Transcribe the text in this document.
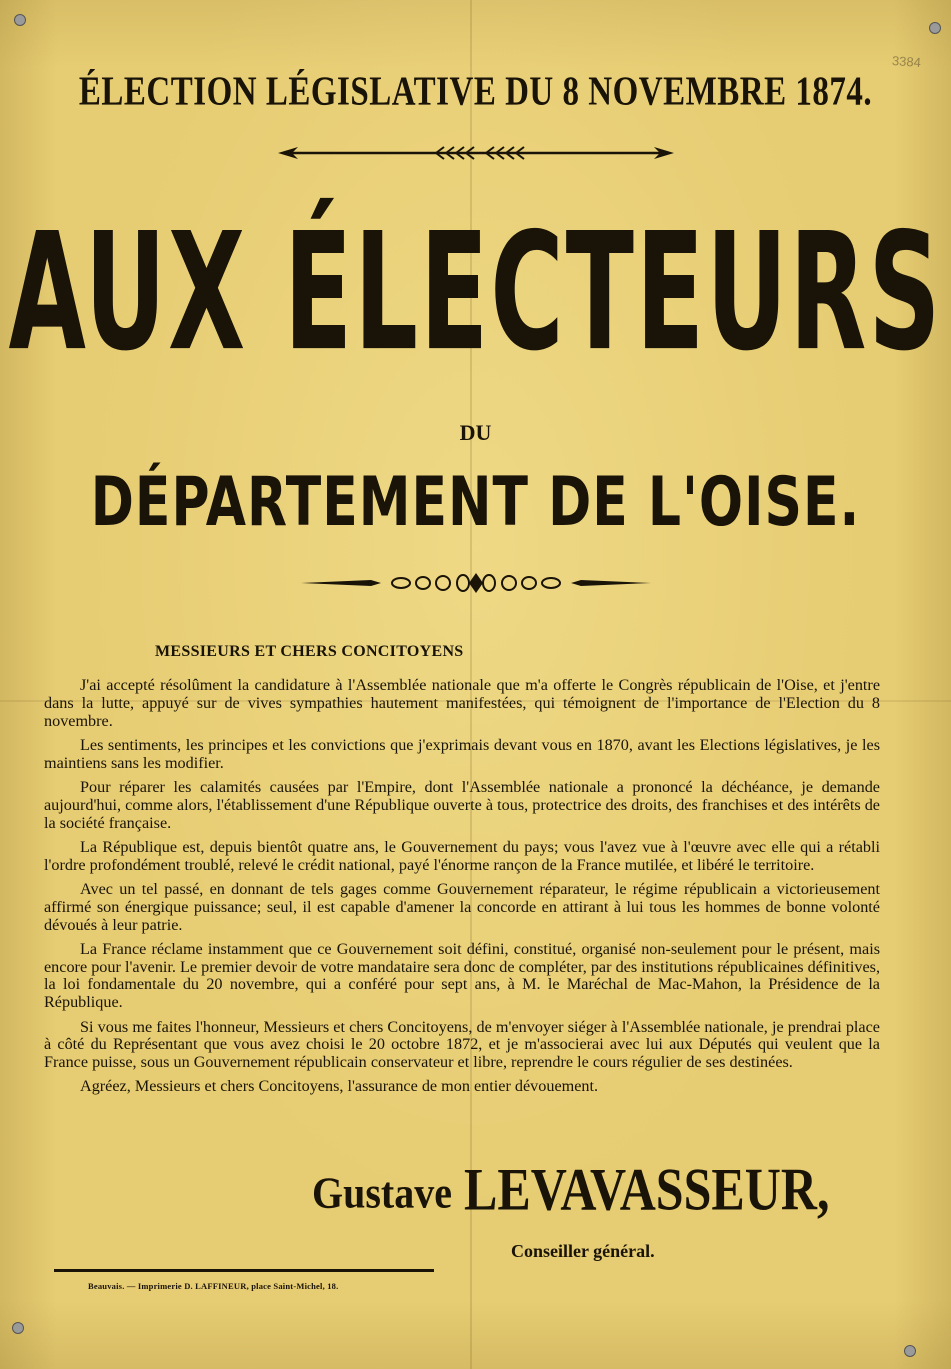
3384
ÉLECTION LÉGISLATIVE DU 8 NOVEMBRE 1874.
AUX ÉLECTEURS
DU
DÉPARTEMENT DE L'OISE.
MESSIEURS ET CHERS CONCITOYENS

J'ai accepté résolûment la candidature à l'Assemblée nationale que m'a offerte le Congrès républicain de l'Oise, et j'entre dans la lutte, appuyé sur de vives sympathies hautement manifestées, qui témoignent de l'importance de l'Election du 8 novembre.

Les sentiments, les principes et les convictions que j'exprimais devant vous en 1870, avant les Elections législatives, je les maintiens sans les modifier.

Pour réparer les calamités causées par l'Empire, dont l'Assemblée nationale a prononcé la déchéance, je demande aujourd'hui, comme alors, l'établissement d'une République ouverte à tous, protectrice des droits, des franchises et des intérêts de la société française.

La République est, depuis bientôt quatre ans, le Gouvernement du pays; vous l'avez vue à l'œuvre avec elle qui a rétabli l'ordre profondément troublé, relevé le crédit national, payé l'énorme rançon de la France mutilée, et libéré le territoire.

Avec un tel passé, en donnant de tels gages comme Gouvernement réparateur, le régime républicain a victorieusement affirmé son énergique puissance; seul, il est capable d'amener la concorde en attirant à lui tous les hommes de bonne volonté dévoués à leur patrie.

La France réclame instamment que ce Gouvernement soit défini, constitué, organisé non-seulement pour le présent, mais encore pour l'avenir. Le premier devoir de votre mandataire sera donc de compléter, par des institutions républicaines définitives, la loi fondamentale du 20 novembre, qui a conféré pour sept ans, à M. le Maréchal de Mac-Mahon, la Présidence de la République.

Si vous me faites l'honneur, Messieurs et chers Concitoyens, de m'envoyer siéger à l'Assemblée nationale, je prendrai place à côté du Représentant que vous avez choisi le 20 octobre 1872, et je m'associerai avec lui aux Députés qui veulent que la France puisse, sous un Gouvernement républicain conservateur et libre, reprendre le cours régulier de ses destinées.

Agréez, Messieurs et chers Concitoyens, l'assurance de mon entier dévouement.

Gustave LEVAVASSEUR,
Conseiller général.
Beauvais. — Imprimerie D. LAFFINEUR, place Saint-Michel, 18.
